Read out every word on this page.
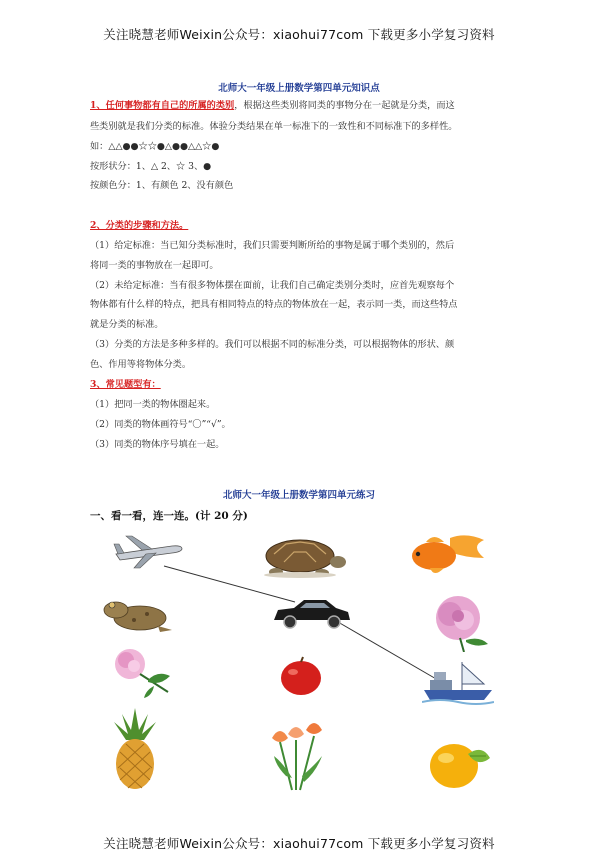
关注晓慧老师Weixin公众号：xiaohui77com 下载更多小学复习资料
北师大一年级上册数学第四单元知识点
1、任何事物都有自己的所属的类别，根据这些类别将同类的事物分在一起就是分类，而这
些类别就是我们分类的标准。体验分类结果在单一标准下的一致性和不同标准下的多样性。
如：△△●●☆☆●△●●△△☆●
按形状分：1、△ 2、☆ 3、●
按颜色分：1、有颜色 2、没有颜色
2、分类的步骤和方法。
（1）给定标准：当已知分类标准时，我们只需要判断所给的事物是属于哪个类别的，然后
将同一类的事物放在一起即可。
（2）未给定标准：当有很多物体摆在面前，让我们自己确定类别分类时，应首先观察每个
物体都有什么样的特点，把具有相同特点的特点的物体放在一起，表示同一类，而这些特点
就是分类的标准。
（3）分类的方法是多种多样的。我们可以根据不同的标准分类，可以根据物体的形状、颜
色、作用等将物体分类。
3、常见题型有：
（1）把同一类的物体圈起来。
（2）同类的物体画符号“〇”“√”。
（3）同类的物体序号填在一起。
北师大一年级上册数学第四单元练习
一、看一看，连一连。(计 20 分)
关注晓慧老师Weixin公众号：xiaohui77com 下载更多小学复习资料
